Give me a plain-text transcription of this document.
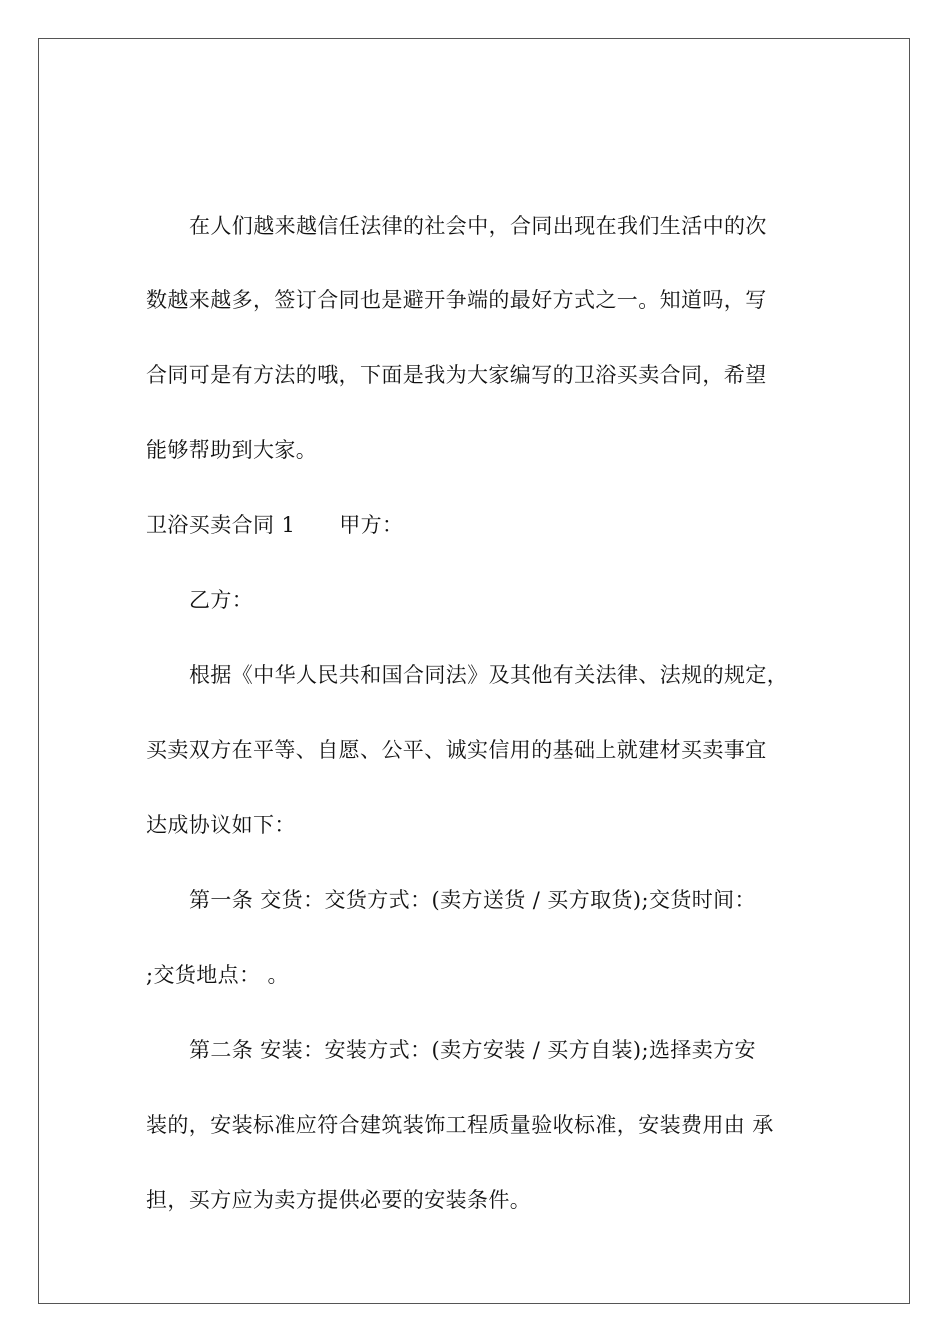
在人们越来越信任法律的社会中，合同出现在我们生活中的次
数越来越多，签订合同也是避开争端的最好方式之一。知道吗，写
合同可是有方法的哦，下面是我为大家编写的卫浴买卖合同，希望
能够帮助到大家。
卫浴买卖合同 1 甲方：
乙方：
根据《中华人民共和国合同法》及其他有关法律、法规的规定，
买卖双方在平等、自愿、公平、诚实信用的基础上就建材买卖事宜
达成协议如下：
第一条 交货：交货方式：(卖方送货 / 买方取货);交货时间：
;交货地点： 。
第二条 安装：安装方式：(卖方安装 / 买方自装);选择卖方安
装的，安装标准应符合建筑装饰工程质量验收标准，安装费用由 承
担，买方应为卖方提供必要的安装条件。
